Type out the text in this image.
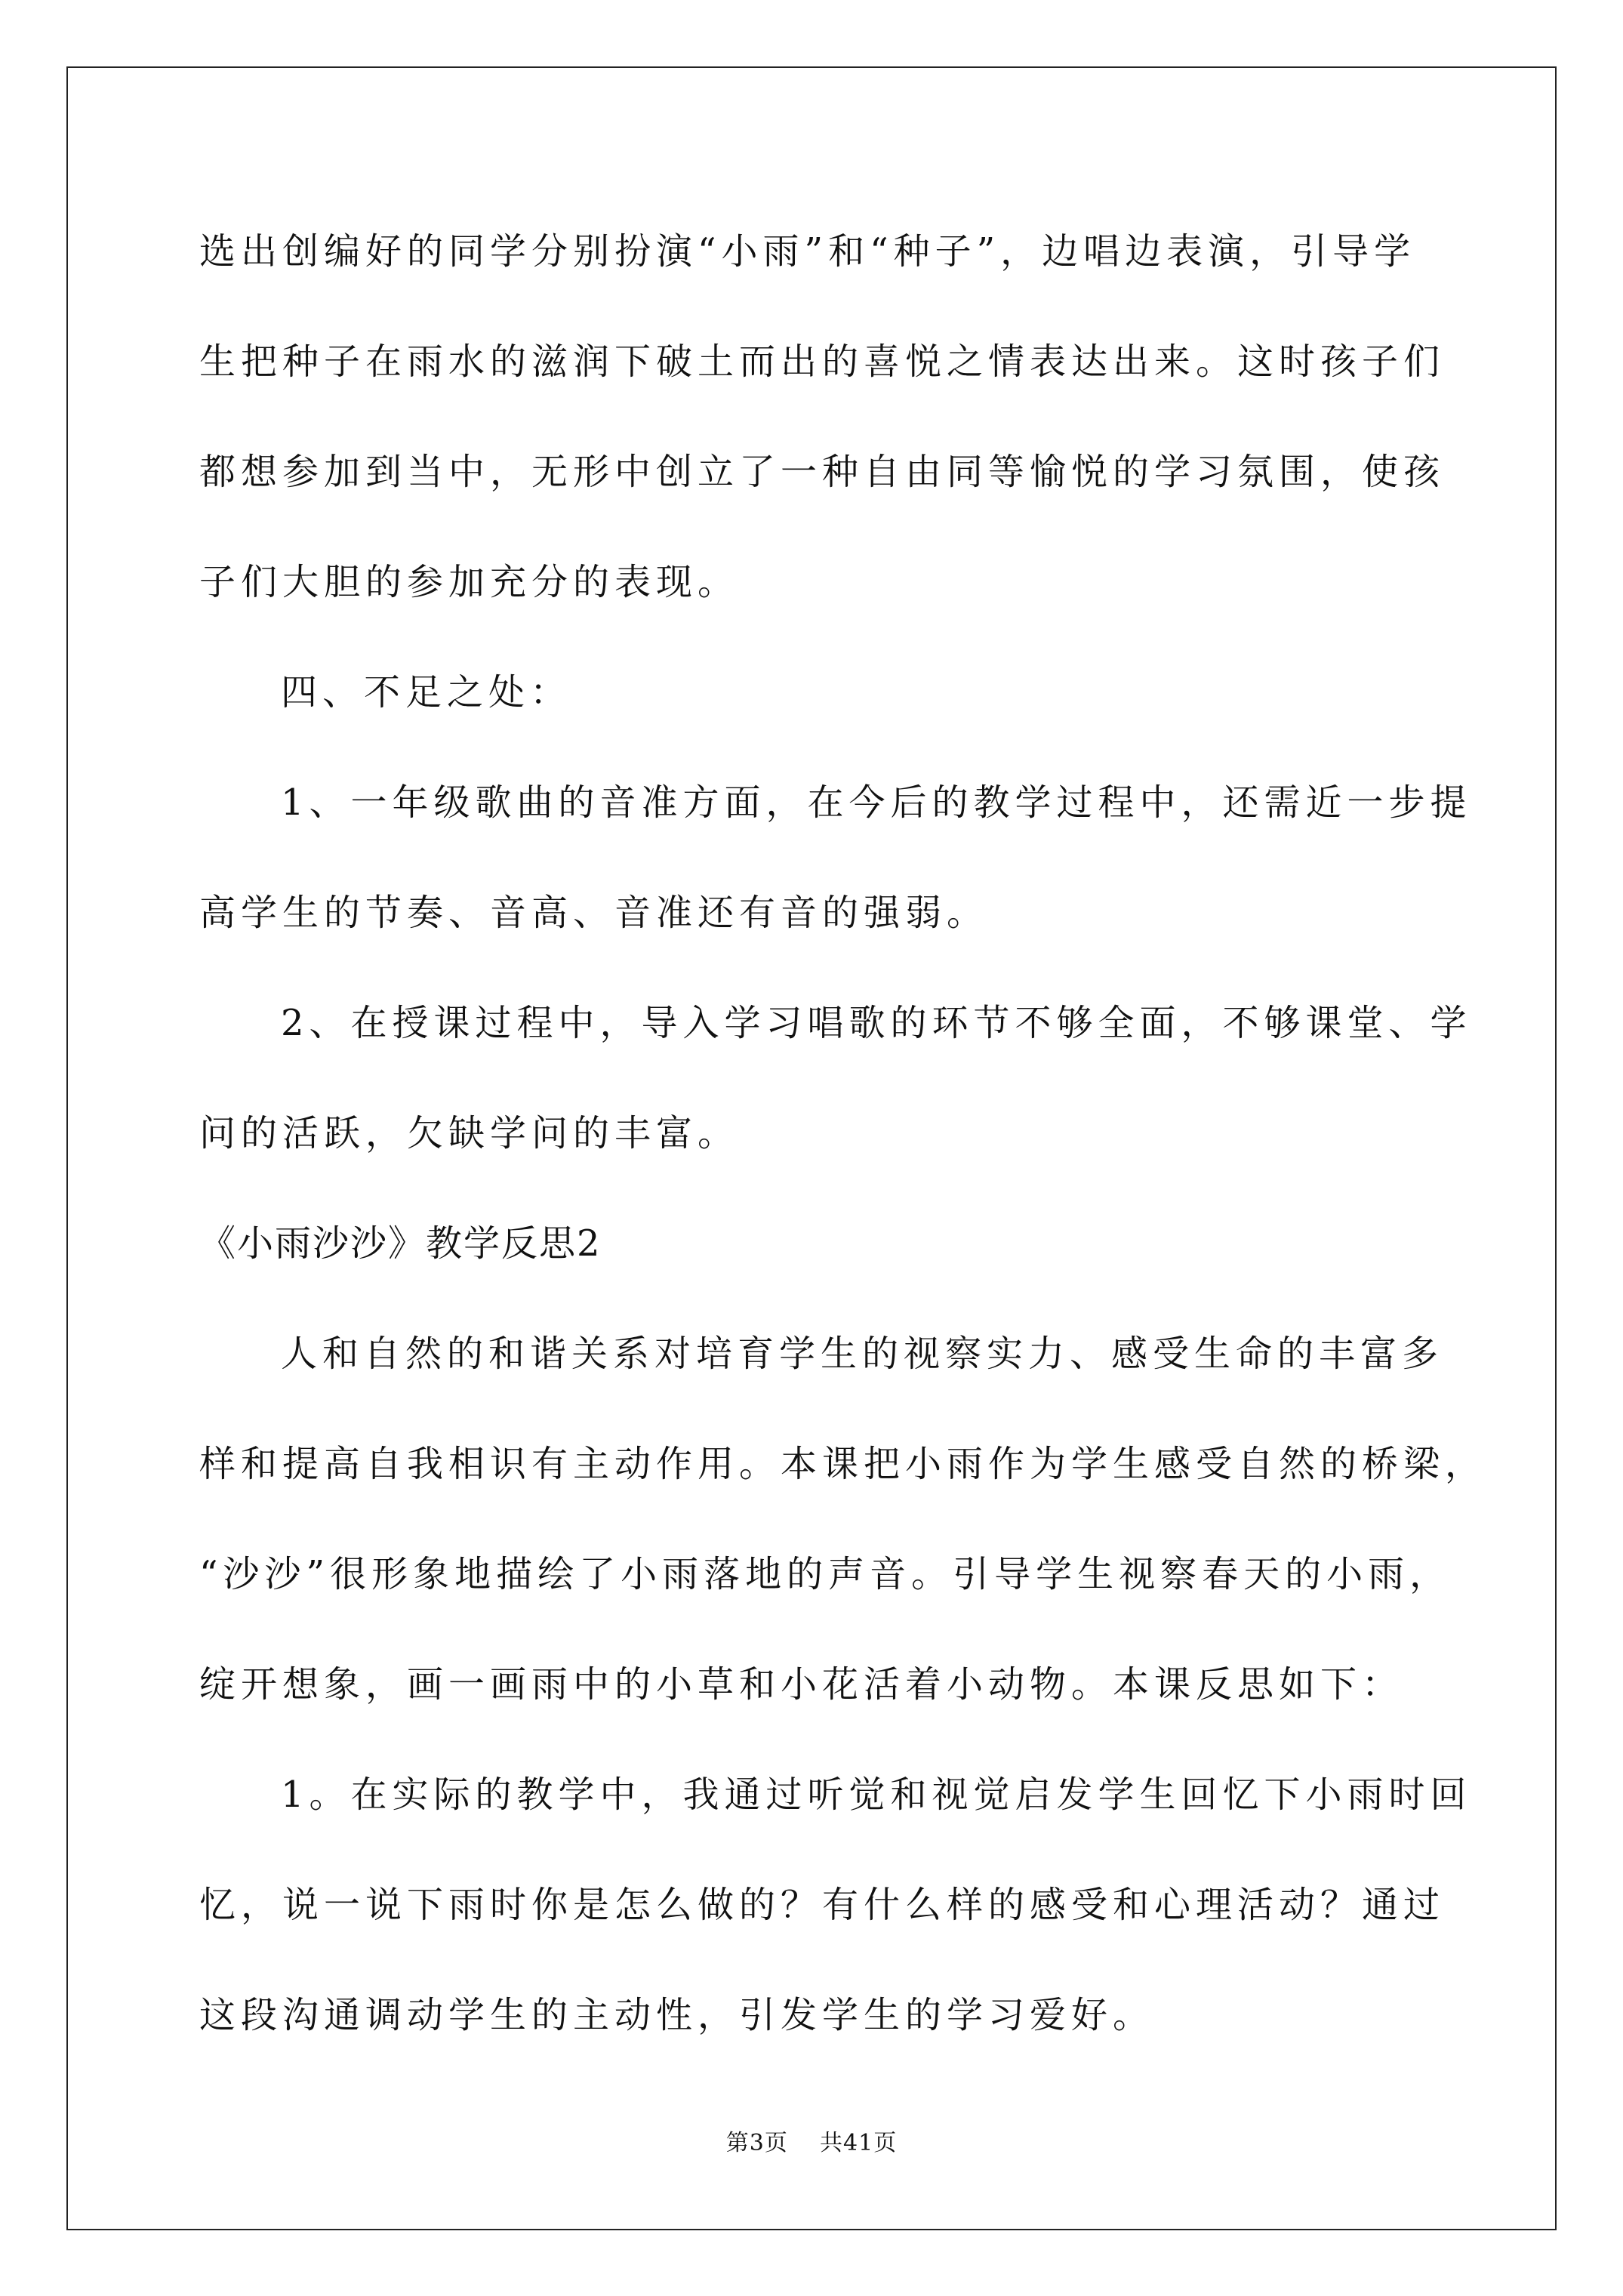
选出创编好的同学分别扮演“小雨”和“种子”，边唱边表演，引导学
生把种子在雨水的滋润下破土而出的喜悦之情表达出来。这时孩子们
都想参加到当中，无形中创立了一种自由同等愉悦的学习氛围，使孩
子们大胆的参加充分的表现。
四、不足之处：
1、一年级歌曲的音准方面，在今后的教学过程中，还需近一步提
高学生的节奏、音高、音准还有音的强弱。
2、在授课过程中，导入学习唱歌的环节不够全面，不够课堂、学
问的活跃，欠缺学问的丰富。
《小雨沙沙》教学反思2
人和自然的和谐关系对培育学生的视察实力、感受生命的丰富多
样和提高自我相识有主动作用。本课把小雨作为学生感受自然的桥梁，
“沙沙”很形象地描绘了小雨落地的声音。引导学生视察春天的小雨，
绽开想象，画一画雨中的小草和小花活着小动物。本课反思如下：
1。在实际的教学中，我通过听觉和视觉启发学生回忆下小雨时回
忆，说一说下雨时你是怎么做的？有什么样的感受和心理活动？通过
这段沟通调动学生的主动性，引发学生的学习爱好。
第3页 共41页
